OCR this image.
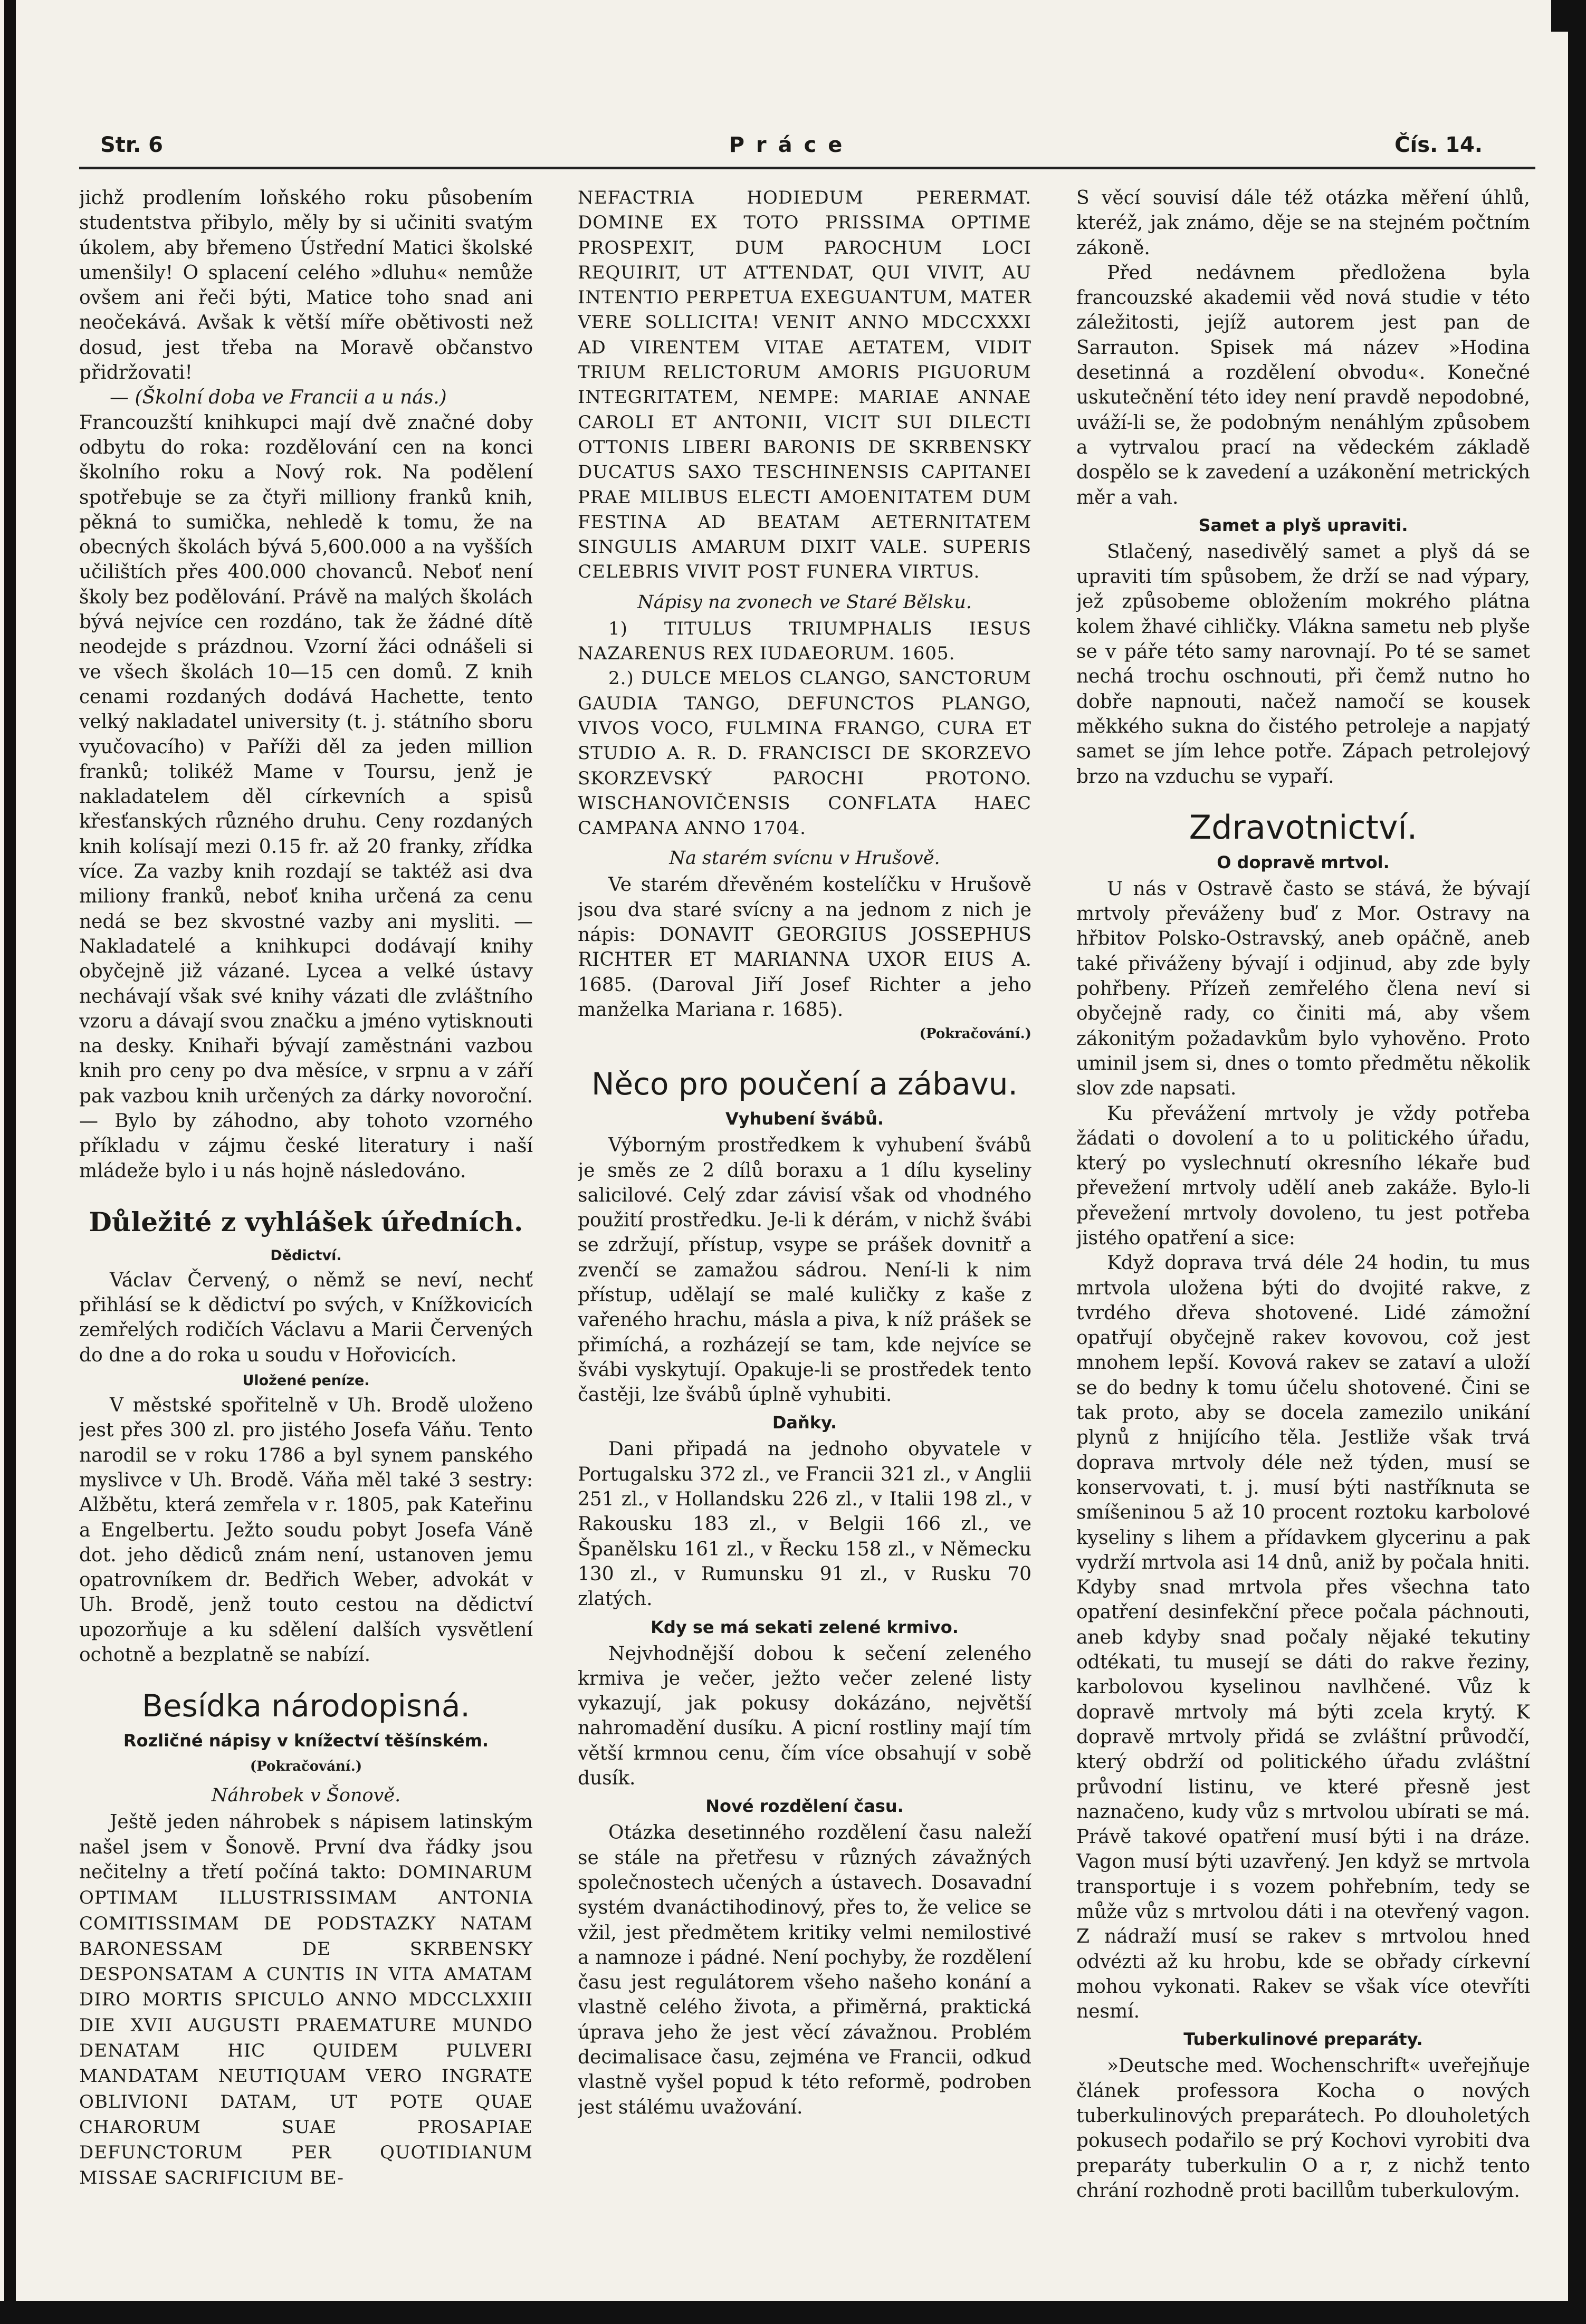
Str. 6	Práce	Čís. 14.

jichž prodlením loňského roku působením studentstva přibylo, měly by si učiniti svatým úkolem, aby břemeno Ústřední Matici školské umenšily! O splacení celého »dluhu« nemůže ovšem ani řeči býti, Matice toho snad ani neočekává. Avšak k větší míře obětivosti než dosud, jest třeba na Moravě občanstvo přidržovati!

— (Školní doba ve Francii a u nás.)

Francouzští knihkupci mají dvě značné doby odbytu do roka: rozdělování cen na konci školního roku a Nový rok. Na podělení spotřebuje se za čtyři milliony franků knih, pěkná to sumička, nehledě k tomu, že na obecných školách bývá 5,600.000 a na vyšších učilištích přes 400.000 chovanců. Neboť není školy bez podělování. Právě na malých školách bývá nejvíce cen rozdáno, tak že žádné dítě neodejde s prázdnou. Vzorní žáci odnášeli si ve všech školách 10—15 cen domů. Z knih cenami rozdaných dodává Hachette, tento velký nakladatel university (t. j. státního sboru vyučovacího) v Paříži děl za jeden million franků; tolikéž Mame v Toursu, jenž je nakladatelem děl církevních a spisů křesťanských různého druhu. Ceny rozdaných knih kolísají mezi 0.15 fr. až 20 franky, zřídka více. Za vazby knih rozdají se taktéž asi dva miliony franků, neboť kniha určená za cenu nedá se bez skvostné vazby ani mysliti. — Nakladatelé a knihkupci dodávají knihy obyčejně již vázané. Lycea a velké ústavy nechávají však své knihy vázati dle zvláštního vzoru a dávají svou značku a jméno vytisknouti na desky. Knihaři bývají zaměstnáni vazbou knih pro ceny po dva měsíce, v srpnu a v září pak vazbou knih určených za dárky novoroční. — Bylo by záhodno, aby tohoto vzorného příkladu v zájmu české literatury i naší mládeže bylo i u nás hojně následováno.

Důležité z vyhlášek úředních.
Dědictví.

Václav Červený, o němž se neví, nechť přihlásí se k dědictví po svých, v Knížkovicích zemřelých rodičích Václavu a Marii Červených do dne a do roka u soudu v Hořovicích.

Uložené peníze.

V městské spořitelně v Uh. Brodě uloženo jest přes 300 zl. pro jistého Josefa Váňu. Tento narodil se v roku 1786 a byl synem panského myslivce v Uh. Brodě. Váňa měl také 3 sestry: Alžbětu, která zemřela v r. 1805, pak Kateřinu a Engelbertu. Ježto soudu pobyt Josefa Váně dot. jeho dědiců znám není, ustanoven jemu opatrovníkem dr. Bedřich Weber, advokát v Uh. Brodě, jenž touto cestou na dědictví upozorňuje a ku sdělení dalších vysvětlení ochotně a bezplatně se nabízí.

Besídka národopisná.
Rozličné nápisy v knížectví těšínském.
(Pokračování.)
Náhrobek v Šonově.

Ještě jeden náhrobek s nápisem latinským našel jsem v Šonově. První dva řádky jsou nečitelny a třetí počíná takto: DOMINARUM OPTIMAM ILLUSTRISSIMAM ANTONIA COMITISSIMAM DE PODSTAZKY NATAM BARONESSAM DE SKRBENSKY DESPONSATAM A CUNTIS IN VITA AMATAM DIRO MORTIS SPICULO ANNO MDCCLXXIII DIE XVII AUGUSTI PRAEMATURE MUNDO DENATAM HIC QUIDEM PULVERI MANDATAM NEUTIQUAM VERO INGRATE OBLIVIONI DATAM, UT POTE QUAE CHARORUM SUAE PROSAPIAE DEFUNCTORUM PER QUOTIDIANUM MISSAE SACRIFICIUM BE-

NEFACTRIA HODIEDUM PERERMAT. DOMINE EX TOTO PRISSIMA OPTIME PROSPEXIT, DUM PAROCHUM LOCI REQUIRIT, UT ATTENDAT, QUI VIVIT, AU INTENTIO PERPETUA EXEGUANTUM, MATER VERE SOLLICITA! VENIT ANNO MDCCXXXI AD VIRENTEM VITAE AETATEM, VIDIT TRIUM RELICTORUM AMORIS PIGUORUM INTEGRITATEM, NEMPE: MARIAE ANNAE CAROLI ET ANTONII, VICIT SUI DILECTI OTTONIS LIBERI BARONIS DE SKRBENSKY DUCATUS SAXO TESCHINENSIS CAPITANEI PRAE MILIBUS ELECTI AMOENITATEM DUM FESTINA AD BEATAM AETERNITATEM SINGULIS AMARUM DIXIT VALE. SUPERIS CELEBRIS VIVIT POST FUNERA VIRTUS.

Nápisy na zvonech ve Staré Bělsku.

1) TITULUS TRIUMPHALIS IESUS NAZARENUS REX IUDAEORUM. 1605.

2.) DULCE MELOS CLANGO, SANCTORUM GAUDIA TANGO, DEFUNCTOS PLANGO, VIVOS VOCO, FULMINA FRANGO, CURA ET STUDIO A. R. D. FRANCISCI DE SKORZEVO SKORZEVSKÝ PAROCHI PROTONO. WISCHANOVIČENSIS CONFLATA HAEC CAMPANA ANNO 1704.

Na starém svícnu v Hrušově.

Ve starém dřevěném kostelíčku v Hrušově jsou dva staré svícny a na jednom z nich je nápis: DONAVIT GEORGIUS JOSSEPHUS RICHTER ET MARIANNA UXOR EIUS A. 1685. (Daroval Jiří Josef Richter a jeho manželka Mariana r. 1685).

(Pokračování.)
Něco pro poučení a zábavu.
Vyhubení švábů.

Výborným prostředkem k vyhubení švábů je směs ze 2 dílů boraxu a 1 dílu kyseliny salicilové. Celý zdar závisí však od vhodného použití prostředku. Je-li k dérám, v nichž švábi se zdržují, přístup, vsype se prášek dovnitř a zvenčí se zamažou sádrou. Není-li k nim přístup, udělají se malé kuličky z kaše z vařeného hrachu, másla a piva, k níž prášek se přimíchá, a rozházejí se tam, kde nejvíce se švábi vyskytují. Opakuje-li se prostředek tento častěji, lze švábů úplně vyhubiti.

Daňky.

Dani připadá na jednoho obyvatele v Portugalsku 372 zl., ve Francii 321 zl., v Anglii 251 zl., v Hollandsku 226 zl., v Italii 198 zl., v Rakousku 183 zl., v Belgii 166 zl., ve Španělsku 161 zl., v Řecku 158 zl., v Německu 130 zl., v Rumunsku 91 zl., v Rusku 70 zlatých.

Kdy se má sekati zelené krmivo.

Nejvhodnější dobou k sečení zeleného krmiva je večer, ježto večer zelené listy vykazují, jak pokusy dokázáno, největší nahromadění dusíku. A picní rostliny mají tím větší krmnou cenu, čím více obsahují v sobě dusík.

Nové rozdělení času.

Otázka desetinného rozdělení času naleží se stále na přetřesu v různých závažných společnostech učených a ústavech. Dosavadní systém dvanáctihodinový, přes to, že velice se vžil, jest předmětem kritiky velmi nemilostivé a namnoze i pádné. Není pochyby, že rozdělení času jest regulátorem všeho našeho konání a vlastně celého života, a přiměrná, praktická úprava jeho že jest věcí závažnou. Problém decimalisace času, zejména ve Francii, odkud vlastně vyšel popud k této reformě, podroben jest stálému uvažování.

S věcí souvisí dále též otázka měření úhlů, kteréž, jak známo, děje se na stejném počtním zákoně.

Před nedávnem předložena byla francouzské akademii věd nová studie v této záležitosti, jejíž autorem jest pan de Sarrauton. Spisek má název »Hodina desetinná a rozdělení obvodu«. Konečné uskutečnění této idey není pravdě nepodobné, uváží-li se, že podobným nenáhlým způsobem a vytrvalou prací na vědeckém základě dospělo se k zavedení a uzákonění metrických měr a vah.

Samet a plyš upraviti.

Stlačený, nasedivělý samet a plyš dá se upraviti tím spůsobem, že drží se nad výpary, jež způsobeme obložením mokrého plátna kolem žhavé cihličky. Vlákna sametu neb plyše se v páře této samy narovnají. Po té se samet nechá trochu oschnouti, při čemž nutno ho dobře napnouti, načež namočí se kousek měkkého sukna do čistého petroleje a napjatý samet se jím lehce potře. Zápach petrolejový brzo na vzduchu se vypaří.

Zdravotnictví.
O dopravě mrtvol.

U nás v Ostravě často se stává, že bývají mrtvoly převáženy buď z Mor. Ostravy na hřbitov Polsko-Ostravský, aneb opáčně, aneb také přiváženy bývají i odjinud, aby zde byly pohřbeny. Přízeň zemřelého člena neví si obyčejně rady, co činiti má, aby všem zákonitým požadavkům bylo vyhověno. Proto uminil jsem si, dnes o tomto předmětu několik slov zde napsati.

Ku převážení mrtvoly je vždy potřeba žádati o dovolení a to u politického úřadu, který po vyslechnutí okresního lékaře buď převežení mrtvoly udělí aneb zakáže. Bylo-li převežení mrtvoly dovoleno, tu jest potřeba jistého opatření a sice:

Když doprava trvá déle 24 hodin, tu mus mrtvola uložena býti do dvojité rakve, z tvrdého dřeva shotovené. Lidé zámožní opatřují obyčejně rakev kovovou, což jest mnohem lepší. Kovová rakev se zataví a uloží se do bedny k tomu účelu shotovené. Čini se tak proto, aby se docela zamezilo unikání plynů z hnijícího těla. Jestliže však trvá doprava mrtvoly déle než týden, musí se konservovati, t. j. musí býti nastříknuta se smíšeninou 5 až 10 procent roztoku karbolové kyseliny s lihem a přídavkem glycerinu a pak vydrží mrtvola asi 14 dnů, aniž by počala hniti. Kdyby snad mrtvola přes všechna tato opatření desinfekční přece počala páchnouti, aneb kdyby snad počaly nějaké tekutiny odtékati, tu musejí se dáti do rakve řeziny, karbolovou kyselinou navlhčené. Vůz k dopravě mrtvoly má býti zcela krytý. K dopravě mrtvoly přidá se zvláštní průvodčí, který obdrží od politického úřadu zvláštní průvodní listinu, ve které přesně jest naznačeno, kudy vůz s mrtvolou ubírati se má. Právě takové opatření musí býti i na dráze. Vagon musí býti uzavřený. Jen když se mrtvola transportuje i s vozem pohřebním, tedy se může vůz s mrtvolou dáti i na otevřený vagon. Z nádraží musí se rakev s mrtvolou hned odvézti až ku hrobu, kde se obřady církevní mohou vykonati. Rakev se však více otevříti nesmí.

Tuberkulinové preparáty.

»Deutsche med. Wochenschrift« uveřejňuje článek professora Kocha o nových tuberkulinových preparátech. Po dlouholetých pokusech podařilo se prý Kochovi vyrobiti dva preparáty tuberkulin O a r, z nichž tento chrání rozhodně proti bacillům tuberkulovým.
